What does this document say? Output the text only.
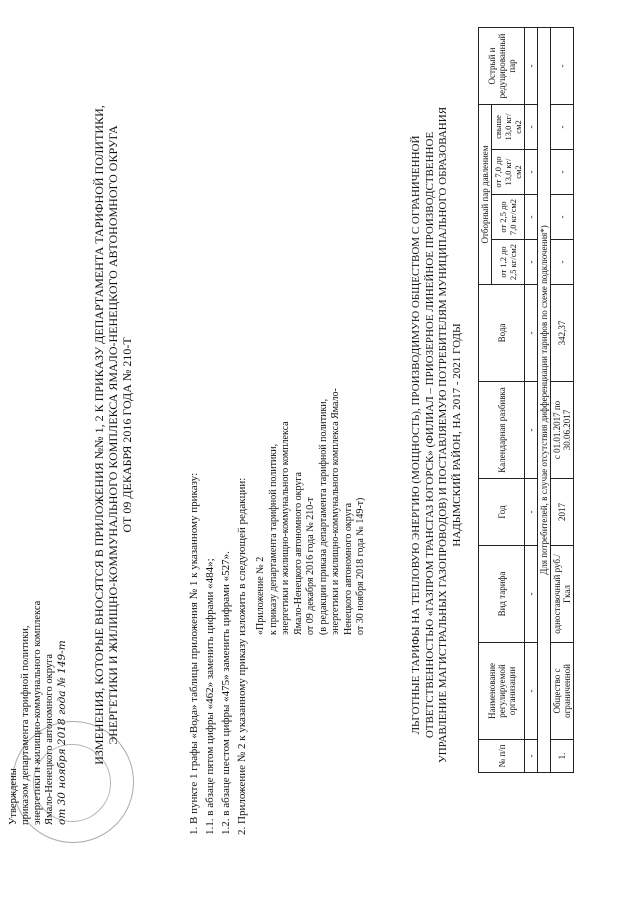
Утверждены приказом департамента тарифной политики, энергетики и жилищно-коммунального комплекса Ямало-Ненецкого автономного округа от 30 ноября 2018 года № 149-т ИЗМЕНЕНИЯ, КОТОРЫЕ ВНОСЯТСЯ В ПРИЛОЖЕНИЯ №№ 1, 2 К ПРИКАЗУ ДЕПАРТАМЕНТА ТАРИФНОЙ ПОЛИТИКИ, ЭНЕРГЕТИКИ И ЖИЛИЩНО-КОММУНАЛЬНОГО КОМПЛЕКСА ЯМАЛО-НЕНЕЦКОГО АВТОНОМНОГО ОКРУГА ОТ 09 ДЕКАБРЯ 2016 ГОДА № 210-Т
1. В пункте 1 графы «Вода» таблицы приложения № 1 к указанному приказу: 1.1. в абзаце пятом цифры «462» заменить цифрами «484»; 1.2. в абзаце шестом цифры «475» заменить цифрами «527». 2. Приложение № 2 к указанному приказу изложить в следующей редакции: «Приложение № 2 к приказу департамента тарифной политики, энергетики и жилищно-коммунального комплекса Ямало-Ненецкого автономного округа от 09 декабря 2016 года № 210-т (в редакции приказа департамента тарифной политики, энергетики и жилищно-коммунального комплекса Ямало- Ненецкого автономного округа от 30 ноября 2018 года № 149-т)	ЛЬГОТНЫЕ ТАРИФЫ НА ТЕПЛОВУЮ ЭНЕРГИЮ (МОЩНОСТЬ), ПРОИЗВОДИМУЮ ОБЩЕСТВОМ С ОГРАНИЧЕННОЙ ОТВЕТСТВЕННОСТЬЮ «ГАЗПРОМ ТРАНСГАЗ ЮГОРСК» (ФИЛИАЛ – ПРИОЗЕРНОЕ ЛИНЕЙНОЕ ПРОИЗВОДСТВЕННОЕ УПРАВЛЕНИЕ МАГИСТРАЛЬНЫХ ГАЗОПРОВОДОВ) И ПОСТАВЛЯЕМУЮ ПОТРЕБИТЕЛЯМ МУНИЦИПАЛЬНОГО ОБРАЗОВАНИЯ НАДЫМСКИЙ РАЙОН, НА 2017 - 2021 ГОДЫ
№ п/п	Наименование регулируемой организации	Вид тарифа	Год	Календарная разбивка	Вода	Отборный пар давлением				Острый и редуцированный пар
						от 1,2 до 2,5 кг/см2	от 2,5 до 7,0 кг/см2	от 7,0 до 13,0 кг/см2	свыше 13,0 кг/см2	
-	-	-	-	-	-	-	-	-	-	-
Для потребителей, в случае отсутствия дифференциации тарифов по схеме подключения*)										
1.	Общество с ограниченной	одноставочный руб./Гкал	2017	с 01.01.2017 по 30.06.2017	342,37	-	-	-	-	-
